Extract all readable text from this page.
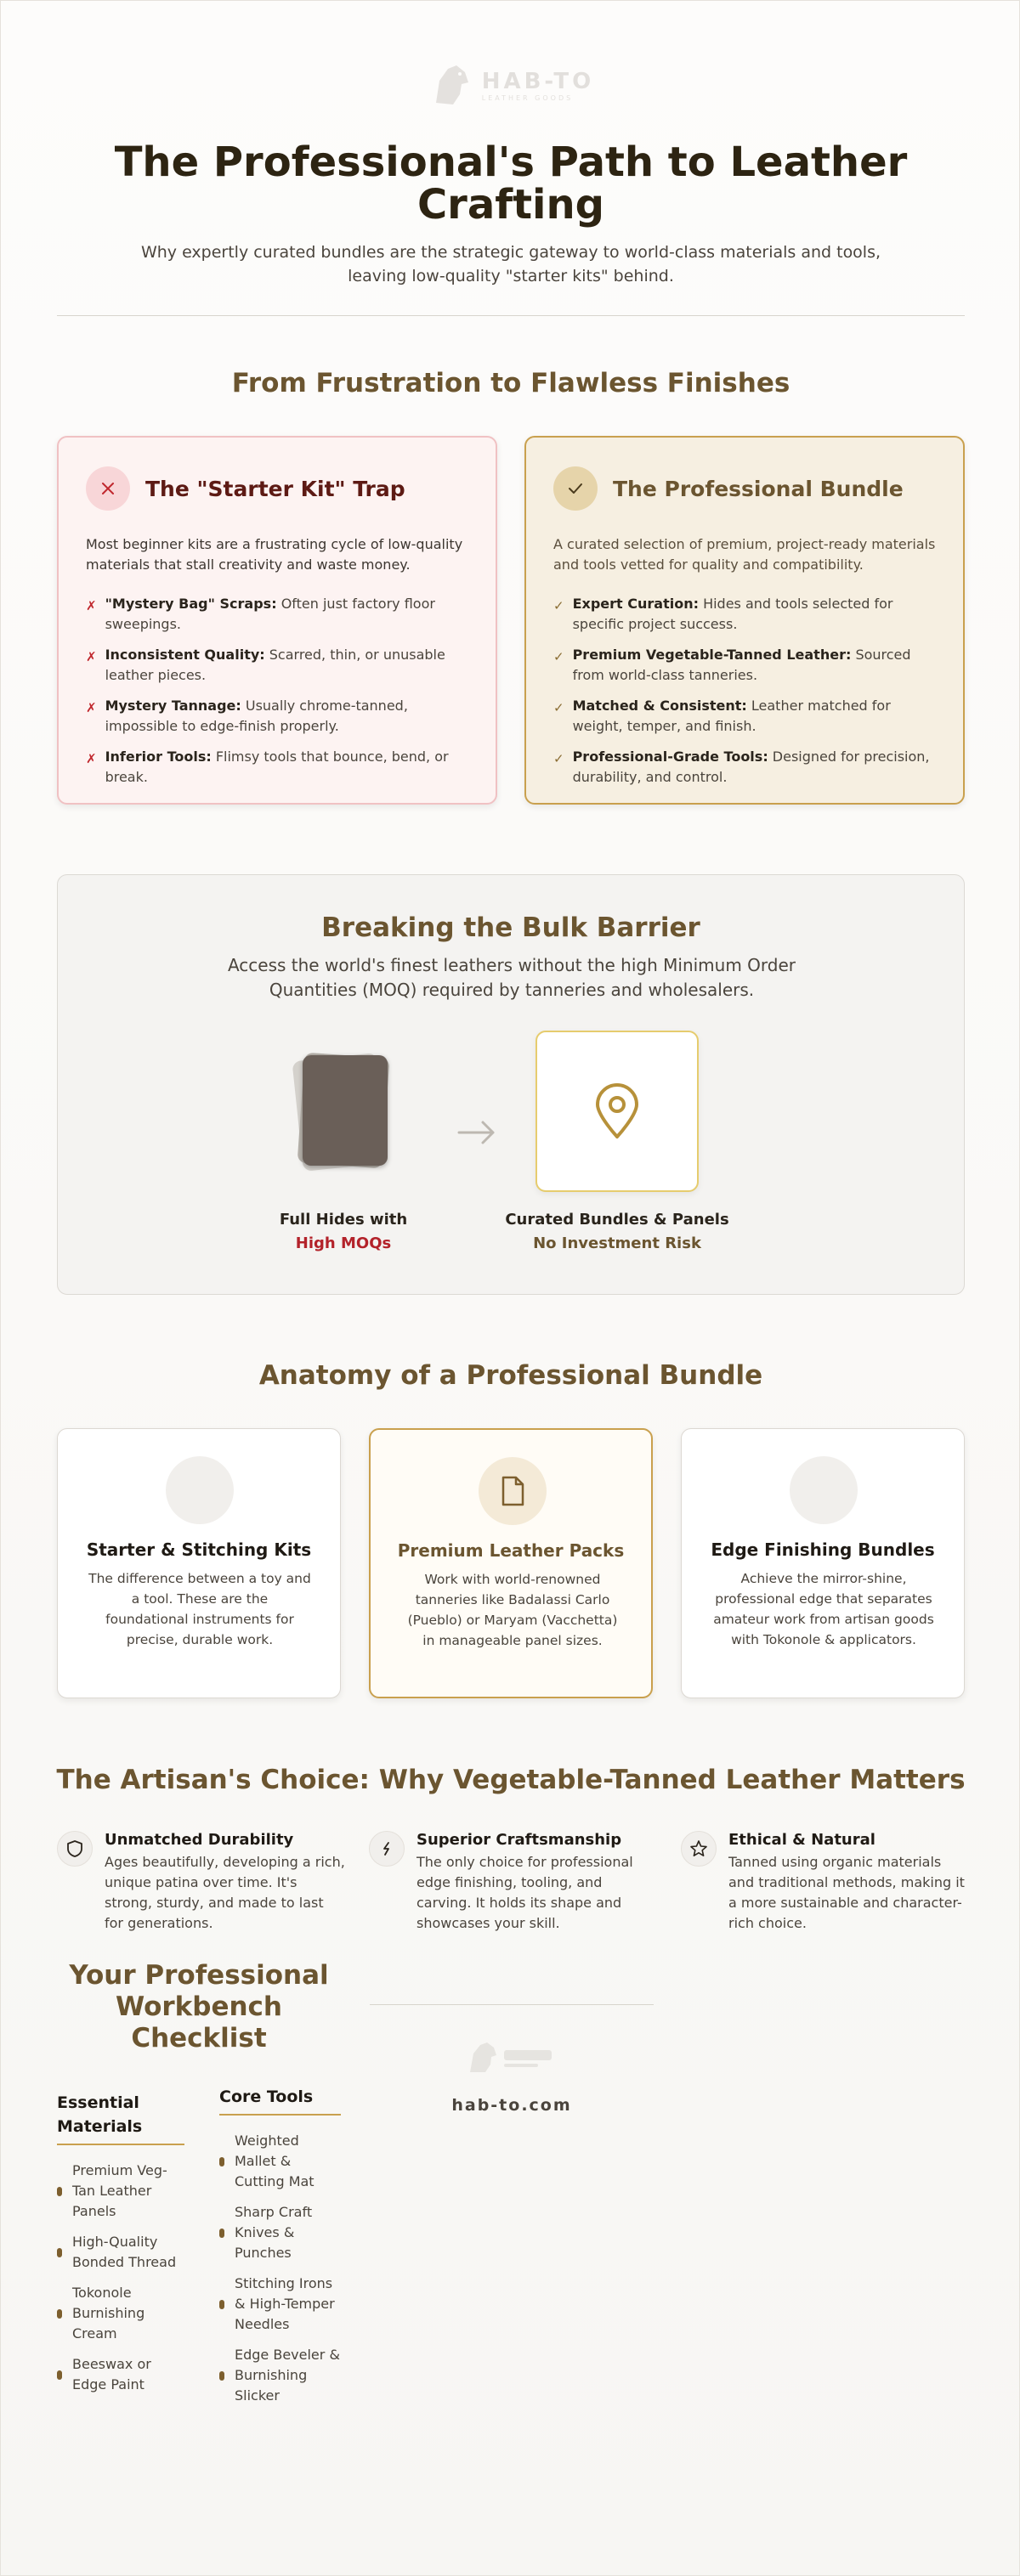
HAB-TO
LEATHER GOODS
The Professional's Path to Leather Crafting

Why expertly curated bundles are the strategic gateway to world-class materials and tools, leaving low-quality "starter kits" behind.

From Frustration to Flawless Finishes
The "Starter Kit" Trap

Most beginner kits are a frustrating cycle of low-quality materials that stall creativity and waste money.

✗ "Mystery Bag" Scraps: Often just factory floor sweepings.
✗ Inconsistent Quality: Scarred, thin, or unusable leather pieces.
✗ Mystery Tannage: Usually chrome-tanned, impossible to edge-finish properly.
✗ Inferior Tools: Flimsy tools that bounce, bend, or break.
The Professional Bundle

A curated selection of premium, project-ready materials and tools vetted for quality and compatibility.

✓ Expert Curation: Hides and tools selected for specific project success.
✓ Premium Vegetable-Tanned Leather: Sourced from world-class tanneries.
✓ Matched & Consistent: Leather matched for weight, temper, and finish.
✓ Professional-Grade Tools: Designed for precision, durability, and control.
Breaking the Bulk Barrier

Access the world's finest leathers without the high Minimum Order Quantities (MOQ) required by tanneries and wholesalers.

Full Hides with
High MOQs
Curated Bundles & Panels
No Investment Risk
Anatomy of a Professional Bundle
Starter & Stitching Kits

The difference between a toy and a tool. These are the foundational instruments for precise, durable work.

Premium Leather Packs

Work with world-renowned tanneries like Badalassi Carlo (Pueblo) or Maryam (Vacchetta) in manageable panel sizes.

Edge Finishing Bundles

Achieve the mirror-shine, professional edge that separates amateur work from artisan goods with Tokonole & applicators.

The Artisan's Choice: Why Vegetable-Tanned Leather Matters
Unmatched Durability

Ages beautifully, developing a rich, unique patina over time. It's strong, sturdy, and made to last for generations.

Superior Craftsmanship

The only choice for professional edge finishing, tooling, and carving. It holds its shape and showcases your skill.

Ethical & Natural

Tanned using organic materials and traditional methods, making it a more sustainable and character-rich choice.

Your Professional Workbench Checklist
Essential Materials
Premium Veg-Tan Leather Panels
High-Quality Bonded Thread
Tokonole Burnishing Cream
Beeswax or Edge Paint
Core Tools
Weighted Mallet & Cutting Mat
Sharp Craft Knives & Punches
Stitching Irons & High-Temper Needles
Edge Beveler & Burnishing Slicker
hab-to.com
